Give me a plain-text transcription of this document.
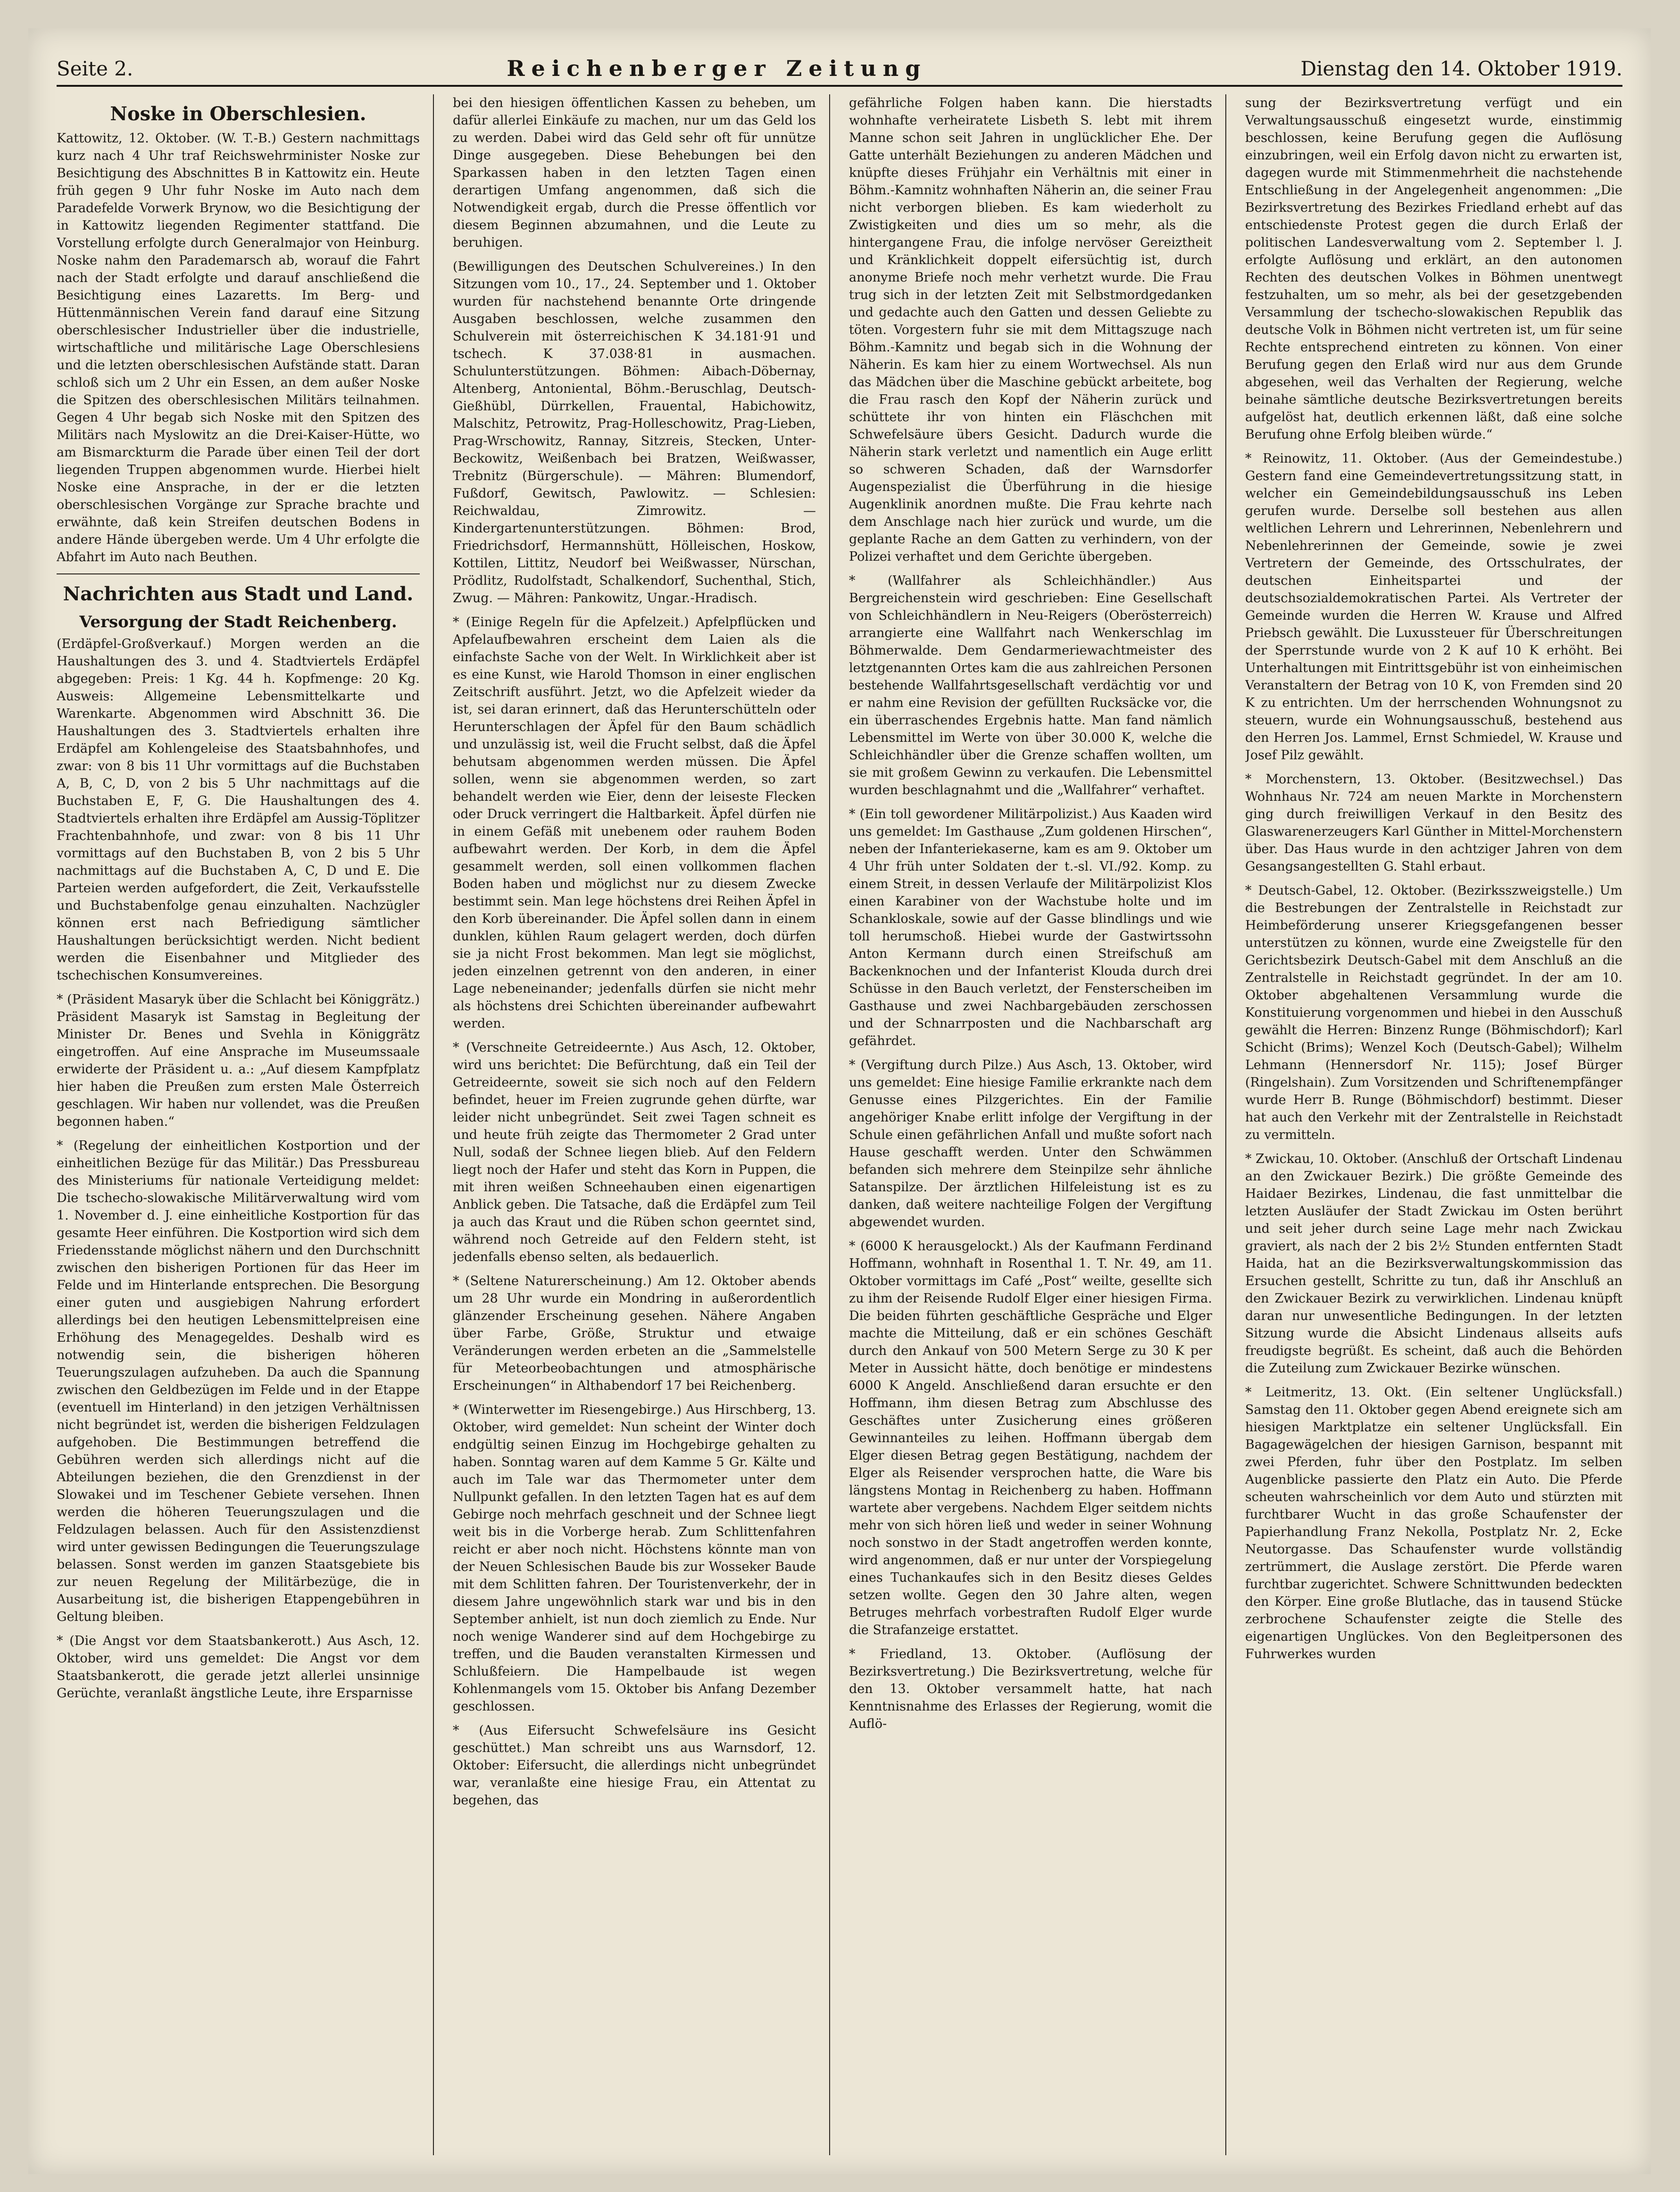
Seite 2.	Reichenberger Zeitung	Dienstag den 14. Oktober 1919.
Noske in Oberschlesien.

Kattowitz, 12. Oktober. (W. T.-B.) Gestern nachmittags kurz nach 4 Uhr traf Reichswehrminister Noske zur Besichtigung des Abschnittes B in Kattowitz ein. Heute früh gegen 9 Uhr fuhr Noske im Auto nach dem Paradefelde Vorwerk Brynow, wo die Besichtigung der in Kattowitz liegenden Regimenter stattfand. Die Vorstellung erfolgte durch Generalmajor von Heinburg. Noske nahm den Parademarsch ab, worauf die Fahrt nach der Stadt erfolgte und darauf anschließend die Besichtigung eines Lazaretts. Im Berg- und Hüttenmännischen Verein fand darauf eine Sitzung oberschlesischer Industrieller über die industrielle, wirtschaftliche und militärische Lage Oberschlesiens und die letzten oberschlesischen Aufstände statt. Daran schloß sich um 2 Uhr ein Essen, an dem außer Noske die Spitzen des oberschlesischen Militärs teilnahmen. Gegen 4 Uhr begab sich Noske mit den Spitzen des Militärs nach Myslowitz an die Drei-Kaiser-Hütte, wo am Bismarckturm die Parade über einen Teil der dort liegenden Truppen abgenommen wurde. Hierbei hielt Noske eine Ansprache, in der er die letzten oberschlesischen Vorgänge zur Sprache brachte und erwähnte, daß kein Streifen deutschen Bodens in andere Hände übergeben werde. Um 4 Uhr erfolgte die Abfahrt im Auto nach Beuthen.

Nachrichten aus Stadt und Land.
Versorgung der Stadt Reichenberg.

(Erdäpfel-Großverkauf.) Morgen werden an die Haushaltungen des 3. und 4. Stadtviertels Erdäpfel abgegeben: Preis: 1 Kg. 44 h. Kopfmenge: 20 Kg. Ausweis: Allgemeine Lebensmittelkarte und Warenkarte. Abgenommen wird Abschnitt 36. Die Haushaltungen des 3. Stadtviertels erhalten ihre Erdäpfel am Kohlengeleise des Staatsbahnhofes, und zwar: von 8 bis 11 Uhr vormittags auf die Buchstaben A, B, C, D, von 2 bis 5 Uhr nachmittags auf die Buchstaben E, F, G. Die Haushaltungen des 4. Stadtviertels erhalten ihre Erdäpfel am Aussig-Töplitzer Frachtenbahnhofe, und zwar: von 8 bis 11 Uhr vormittags auf den Buchstaben B, von 2 bis 5 Uhr nachmittags auf die Buchstaben A, C, D und E. Die Parteien werden aufgefordert, die Zeit, Verkaufsstelle und Buchstabenfolge genau einzuhalten. Nachzügler können erst nach Befriedigung sämtlicher Haushaltungen berücksichtigt werden. Nicht bedient werden die Eisenbahner und Mitglieder des tschechischen Konsumvereines.

* (Präsident Masaryk über die Schlacht bei Königgrätz.) Präsident Masaryk ist Samstag in Begleitung der Minister Dr. Benes und Svehla in Königgrätz eingetroffen. Auf eine Ansprache im Museumssaale erwiderte der Präsident u. a.: „Auf diesem Kampfplatz hier haben die Preußen zum ersten Male Österreich geschlagen. Wir haben nur vollendet, was die Preußen begonnen haben.“

* (Regelung der einheitlichen Kostportion und der einheitlichen Bezüge für das Militär.) Das Pressbureau des Ministeriums für nationale Verteidigung meldet: Die tschecho-slowakische Militärverwaltung wird vom 1. November d. J. eine einheitliche Kostportion für das gesamte Heer einführen. Die Kostportion wird sich dem Friedensstande möglichst nähern und den Durchschnitt zwischen den bisherigen Portionen für das Heer im Felde und im Hinterlande entsprechen. Die Besorgung einer guten und ausgiebigen Nahrung erfordert allerdings bei den heutigen Lebensmittelpreisen eine Erhöhung des Menagegeldes. Deshalb wird es notwendig sein, die bisherigen höheren Teuerungszulagen aufzuheben. Da auch die Spannung zwischen den Geldbezügen im Felde und in der Etappe (eventuell im Hinterland) in den jetzigen Verhältnissen nicht begründet ist, werden die bisherigen Feldzulagen aufgehoben. Die Bestimmungen betreffend die Gebühren werden sich allerdings nicht auf die Abteilungen beziehen, die den Grenzdienst in der Slowakei und im Teschener Gebiete versehen. Ihnen werden die höheren Teuerungszulagen und die Feldzulagen belassen. Auch für den Assistenzdienst wird unter gewissen Bedingungen die Teuerungszulage belassen. Sonst werden im ganzen Staatsgebiete bis zur neuen Regelung der Militärbezüge, die in Ausarbeitung ist, die bisherigen Etappengebühren in Geltung bleiben.

* (Die Angst vor dem Staatsbankerott.) Aus Asch, 12. Oktober, wird uns gemeldet: Die Angst vor dem Staatsbankerott, die gerade jetzt allerlei unsinnige Gerüchte, veranlaßt ängstliche Leute, ihre Ersparnisse

bei den hiesigen öffentlichen Kassen zu beheben, um dafür allerlei Einkäufe zu machen, nur um das Geld los zu werden. Dabei wird das Geld sehr oft für unnütze Dinge ausgegeben. Diese Behebungen bei den Sparkassen haben in den letzten Tagen einen derartigen Umfang angenommen, daß sich die Notwendigkeit ergab, durch die Presse öffentlich vor diesem Beginnen abzumahnen, und die Leute zu beruhigen.

(Bewilligungen des Deutschen Schulvereines.) In den Sitzungen vom 10., 17., 24. September und 1. Oktober wurden für nachstehend benannte Orte dringende Ausgaben beschlossen, welche zusammen den Schulverein mit österreichischen K 34.181·91 und tschech. K 37.038·81 in ausmachen. Schulunterstützungen. Böhmen: Aibach-Döbernay, Altenberg, Antoniental, Böhm.-Beruschlag, Deutsch-Gießhübl, Dürrkellen, Frauental, Habichowitz, Malschitz, Petrowitz, Prag-Holleschowitz, Prag-Lieben, Prag-Wrschowitz, Rannay, Sitzreis, Stecken, Unter-Beckowitz, Weißenbach bei Bratzen, Weißwasser, Trebnitz (Bürgerschule). — Mähren: Blumendorf, Fußdorf, Gewitsch, Pawlowitz. — Schlesien: Reichwaldau, Zimrowitz. — Kindergartenunterstützungen. Böhmen: Brod, Friedrichsdorf, Hermannshütt, Hölleischen, Hoskow, Kottilen, Littitz, Neudorf bei Weißwasser, Nürschan, Prödlitz, Rudolfstadt, Schalkendorf, Suchenthal, Stich, Zwug. — Mähren: Pankowitz, Ungar.-Hradisch.

* (Einige Regeln für die Apfelzeit.) Apfelpflücken und Apfelaufbewahren erscheint dem Laien als die einfachste Sache von der Welt. In Wirklichkeit aber ist es eine Kunst, wie Harold Thomson in einer englischen Zeitschrift ausführt. Jetzt, wo die Apfelzeit wieder da ist, sei daran erinnert, daß das Herunterschütteln oder Herunterschlagen der Äpfel für den Baum schädlich und unzulässig ist, weil die Frucht selbst, daß die Äpfel behutsam abgenommen werden müssen. Die Äpfel sollen, wenn sie abgenommen werden, so zart behandelt werden wie Eier, denn der leiseste Flecken oder Druck verringert die Haltbarkeit. Äpfel dürfen nie in einem Gefäß mit unebenem oder rauhem Boden aufbewahrt werden. Der Korb, in dem die Äpfel gesammelt werden, soll einen vollkommen flachen Boden haben und möglichst nur zu diesem Zwecke bestimmt sein. Man lege höchstens drei Reihen Äpfel in den Korb übereinander. Die Äpfel sollen dann in einem dunklen, kühlen Raum gelagert werden, doch dürfen sie ja nicht Frost bekommen. Man legt sie möglichst, jeden einzelnen getrennt von den anderen, in einer Lage nebeneinander; jedenfalls dürfen sie nicht mehr als höchstens drei Schichten übereinander aufbewahrt werden.

* (Verschneite Getreideernte.) Aus Asch, 12. Oktober, wird uns berichtet: Die Befürchtung, daß ein Teil der Getreideernte, soweit sie sich noch auf den Feldern befindet, heuer im Freien zugrunde gehen dürfte, war leider nicht unbegründet. Seit zwei Tagen schneit es und heute früh zeigte das Thermometer 2 Grad unter Null, sodaß der Schnee liegen blieb. Auf den Feldern liegt noch der Hafer und steht das Korn in Puppen, die mit ihren weißen Schneehauben einen eigenartigen Anblick geben. Die Tatsache, daß die Erdäpfel zum Teil ja auch das Kraut und die Rüben schon geerntet sind, während noch Getreide auf den Feldern steht, ist jedenfalls ebenso selten, als bedauerlich.

* (Seltene Naturerscheinung.) Am 12. Oktober abends um 28 Uhr wurde ein Mondring in außerordentlich glänzender Erscheinung gesehen. Nähere Angaben über Farbe, Größe, Struktur und etwaige Veränderungen werden erbeten an die „Sammelstelle für Meteorbeobachtungen und atmosphärische Erscheinungen“ in Althabendorf 17 bei Reichenberg.

* (Winterwetter im Riesengebirge.) Aus Hirschberg, 13. Oktober, wird gemeldet: Nun scheint der Winter doch endgültig seinen Einzug im Hochgebirge gehalten zu haben. Sonntag waren auf dem Kamme 5 Gr. Kälte und auch im Tale war das Thermometer unter dem Nullpunkt gefallen. In den letzten Tagen hat es auf dem Gebirge noch mehrfach geschneit und der Schnee liegt weit bis in die Vorberge herab. Zum Schlittenfahren reicht er aber noch nicht. Höchstens könnte man von der Neuen Schlesischen Baude bis zur Wosseker Baude mit dem Schlitten fahren. Der Touristenverkehr, der in diesem Jahre ungewöhnlich stark war und bis in den September anhielt, ist nun doch ziemlich zu Ende. Nur noch wenige Wanderer sind auf dem Hochgebirge zu treffen, und die Bauden veranstalten Kirmessen und Schlußfeiern. Die Hampelbaude ist wegen Kohlenmangels vom 15. Oktober bis Anfang Dezember geschlossen.

* (Aus Eifersucht Schwefelsäure ins Gesicht geschüttet.) Man schreibt uns aus Warnsdorf, 12. Oktober: Eifersucht, die allerdings nicht unbegründet war, veranlaßte eine hiesige Frau, ein Attentat zu begehen, das

gefährliche Folgen haben kann. Die hierstadts wohnhafte verheiratete Lisbeth S. lebt mit ihrem Manne schon seit Jahren in unglücklicher Ehe. Der Gatte unterhält Beziehungen zu anderen Mädchen und knüpfte dieses Frühjahr ein Verhältnis mit einer in Böhm.-Kamnitz wohnhaften Näherin an, die seiner Frau nicht verborgen blieben. Es kam wiederholt zu Zwistigkeiten und dies um so mehr, als die hintergangene Frau, die infolge nervöser Gereiztheit und Kränklichkeit doppelt eifersüchtig ist, durch anonyme Briefe noch mehr verhetzt wurde. Die Frau trug sich in der letzten Zeit mit Selbstmordgedanken und gedachte auch den Gatten und dessen Geliebte zu töten. Vorgestern fuhr sie mit dem Mittagszuge nach Böhm.-Kamnitz und begab sich in die Wohnung der Näherin. Es kam hier zu einem Wortwechsel. Als nun das Mädchen über die Maschine gebückt arbeitete, bog die Frau rasch den Kopf der Näherin zurück und schüttete ihr von hinten ein Fläschchen mit Schwefelsäure übers Gesicht. Dadurch wurde die Näherin stark verletzt und namentlich ein Auge erlitt so schweren Schaden, daß der Warnsdorfer Augenspezialist die Überführung in die hiesige Augenklinik anordnen mußte. Die Frau kehrte nach dem Anschlage nach hier zurück und wurde, um die geplante Rache an dem Gatten zu verhindern, von der Polizei verhaftet und dem Gerichte übergeben.

* (Wallfahrer als Schleichhändler.) Aus Bergreichenstein wird geschrieben: Eine Gesellschaft von Schleichhändlern in Neu-Reigers (Oberösterreich) arrangierte eine Wallfahrt nach Wenkerschlag im Böhmerwalde. Dem Gendarmeriewachtmeister des letztgenannten Ortes kam die aus zahlreichen Personen bestehende Wallfahrtsgesellschaft verdächtig vor und er nahm eine Revision der gefüllten Rucksäcke vor, die ein überraschendes Ergebnis hatte. Man fand nämlich Lebensmittel im Werte von über 30.000 K, welche die Schleichhändler über die Grenze schaffen wollten, um sie mit großem Gewinn zu verkaufen. Die Lebensmittel wurden beschlagnahmt und die „Wallfahrer“ verhaftet.

* (Ein toll gewordener Militärpolizist.) Aus Kaaden wird uns gemeldet: Im Gasthause „Zum goldenen Hirschen“, neben der Infanteriekaserne, kam es am 9. Oktober um 4 Uhr früh unter Soldaten der t.-sl. VI./92. Komp. zu einem Streit, in dessen Verlaufe der Militärpolizist Klos einen Karabiner von der Wachstube holte und im Schankloskale, sowie auf der Gasse blindlings und wie toll herumschoß. Hiebei wurde der Gastwirtssohn Anton Kermann durch einen Streifschuß am Backenknochen und der Infanterist Klouda durch drei Schüsse in den Bauch verletzt, der Fensterscheiben im Gasthause und zwei Nachbargebäuden zerschossen und der Schnarrposten und die Nachbarschaft arg gefährdet.

* (Vergiftung durch Pilze.) Aus Asch, 13. Oktober, wird uns gemeldet: Eine hiesige Familie erkrankte nach dem Genusse eines Pilzgerichtes. Ein der Familie angehöriger Knabe erlitt infolge der Vergiftung in der Schule einen gefährlichen Anfall und mußte sofort nach Hause geschafft werden. Unter den Schwämmen befanden sich mehrere dem Steinpilze sehr ähnliche Satanspilze. Der ärztlichen Hilfeleistung ist es zu danken, daß weitere nachteilige Folgen der Vergiftung abgewendet wurden.

* (6000 K herausgelockt.) Als der Kaufmann Ferdinand Hoffmann, wohnhaft in Rosenthal 1. T. Nr. 49, am 11. Oktober vormittags im Café „Post“ weilte, gesellte sich zu ihm der Reisende Rudolf Elger einer hiesigen Firma. Die beiden führten geschäftliche Gespräche und Elger machte die Mitteilung, daß er ein schönes Geschäft durch den Ankauf von 500 Metern Serge zu 30 K per Meter in Aussicht hätte, doch benötige er mindestens 6000 K Angeld. Anschließend daran ersuchte er den Hoffmann, ihm diesen Betrag zum Abschlusse des Geschäftes unter Zusicherung eines größeren Gewinnanteiles zu leihen. Hoffmann übergab dem Elger diesen Betrag gegen Bestätigung, nachdem der Elger als Reisender versprochen hatte, die Ware bis längstens Montag in Reichenberg zu haben. Hoffmann wartete aber vergebens. Nachdem Elger seitdem nichts mehr von sich hören ließ und weder in seiner Wohnung noch sonstwo in der Stadt angetroffen werden konnte, wird angenommen, daß er nur unter der Vorspiegelung eines Tuchankaufes sich in den Besitz dieses Geldes setzen wollte. Gegen den 30 Jahre alten, wegen Betruges mehrfach vorbestraften Rudolf Elger wurde die Strafanzeige erstattet.

* Friedland, 13. Oktober. (Auflösung der Bezirksvertretung.) Die Bezirksvertretung, welche für den 13. Oktober versammelt hatte, hat nach Kenntnisnahme des Erlasses der Regierung, womit die Auflö-

sung der Bezirksvertretung verfügt und ein Verwaltungsausschuß eingesetzt wurde, einstimmig beschlossen, keine Berufung gegen die Auflösung einzubringen, weil ein Erfolg davon nicht zu erwarten ist, dagegen wurde mit Stimmenmehrheit die nachstehende Entschließung in der Angelegenheit angenommen: „Die Bezirksvertretung des Bezirkes Friedland erhebt auf das entschiedenste Protest gegen die durch Erlaß der politischen Landesverwaltung vom 2. September l. J. erfolgte Auflösung und erklärt, an den autonomen Rechten des deutschen Volkes in Böhmen unentwegt festzuhalten, um so mehr, als bei der gesetzgebenden Versammlung der tschecho-slowakischen Republik das deutsche Volk in Böhmen nicht vertreten ist, um für seine Rechte entsprechend eintreten zu können. Von einer Berufung gegen den Erlaß wird nur aus dem Grunde abgesehen, weil das Verhalten der Regierung, welche beinahe sämtliche deutsche Bezirksvertretungen bereits aufgelöst hat, deutlich erkennen läßt, daß eine solche Berufung ohne Erfolg bleiben würde.“

* Reinowitz, 11. Oktober. (Aus der Gemeindestube.) Gestern fand eine Gemeindevertretungssitzung statt, in welcher ein Gemeindebildungsausschuß ins Leben gerufen wurde. Derselbe soll bestehen aus allen weltlichen Lehrern und Lehrerinnen, Nebenlehrern und Nebenlehrerinnen der Gemeinde, sowie je zwei Vertretern der Gemeinde, des Ortsschulrates, der deutschen Einheitspartei und der deutschsozialdemokratischen Partei. Als Vertreter der Gemeinde wurden die Herren W. Krause und Alfred Priebsch gewählt. Die Luxussteuer für Überschreitungen der Sperrstunde wurde von 2 K auf 10 K erhöht. Bei Unterhaltungen mit Eintrittsgebühr ist von einheimischen Veranstaltern der Betrag von 10 K, von Fremden sind 20 K zu entrichten. Um der herrschenden Wohnungsnot zu steuern, wurde ein Wohnungsausschuß, bestehend aus den Herren Jos. Lammel, Ernst Schmiedel, W. Krause und Josef Pilz gewählt.

* Morchenstern, 13. Oktober. (Besitzwechsel.) Das Wohnhaus Nr. 724 am neuen Markte in Morchenstern ging durch freiwilligen Verkauf in den Besitz des Glaswarenerzeugers Karl Günther in Mittel-Morchenstern über. Das Haus wurde in den achtziger Jahren von dem Gesangsangestellten G. Stahl erbaut.

* Deutsch-Gabel, 12. Oktober. (Bezirksszweigstelle.) Um die Bestrebungen der Zentralstelle in Reichstadt zur Heimbeförderung unserer Kriegsgefangenen besser unterstützen zu können, wurde eine Zweigstelle für den Gerichtsbezirk Deutsch-Gabel mit dem Anschluß an die Zentralstelle in Reichstadt gegründet. In der am 10. Oktober abgehaltenen Versammlung wurde die Konstituierung vorgenommen und hiebei in den Ausschuß gewählt die Herren: Binzenz Runge (Böhmischdorf); Karl Schicht (Brims); Wenzel Koch (Deutsch-Gabel); Wilhelm Lehmann (Hennersdorf Nr. 115); Josef Bürger (Ringelshain). Zum Vorsitzenden und Schriftenempfänger wurde Herr B. Runge (Böhmischdorf) bestimmt. Dieser hat auch den Verkehr mit der Zentralstelle in Reichstadt zu vermitteln.

* Zwickau, 10. Oktober. (Anschluß der Ortschaft Lindenau an den Zwickauer Bezirk.) Die größte Gemeinde des Haidaer Bezirkes, Lindenau, die fast unmittelbar die letzten Ausläufer der Stadt Zwickau im Osten berührt und seit jeher durch seine Lage mehr nach Zwickau graviert, als nach der 2 bis 2½ Stunden entfernten Stadt Haida, hat an die Bezirksverwaltungskommission das Ersuchen gestellt, Schritte zu tun, daß ihr Anschluß an den Zwickauer Bezirk zu verwirklichen. Lindenau knüpft daran nur unwesentliche Bedingungen. In der letzten Sitzung wurde die Absicht Lindenaus allseits aufs freudigste begrüßt. Es scheint, daß auch die Behörden die Zuteilung zum Zwickauer Bezirke wünschen.

* Leitmeritz, 13. Okt. (Ein seltener Unglücksfall.) Samstag den 11. Oktober gegen Abend ereignete sich am hiesigen Marktplatze ein seltener Unglücksfall. Ein Bagagewägelchen der hiesigen Garnison, bespannt mit zwei Pferden, fuhr über den Postplatz. Im selben Augenblicke passierte den Platz ein Auto. Die Pferde scheuten wahrscheinlich vor dem Auto und stürzten mit furchtbarer Wucht in das große Schaufenster der Papierhandlung Franz Nekolla, Postplatz Nr. 2, Ecke Neutorgasse. Das Schaufenster wurde vollständig zertrümmert, die Auslage zerstört. Die Pferde waren furchtbar zugerichtet. Schwere Schnittwunden bedeckten den Körper. Eine große Blutlache, das in tausend Stücke zerbrochene Schaufenster zeigte die Stelle des eigenartigen Unglückes. Von den Begleitpersonen des Fuhrwerkes wurden
